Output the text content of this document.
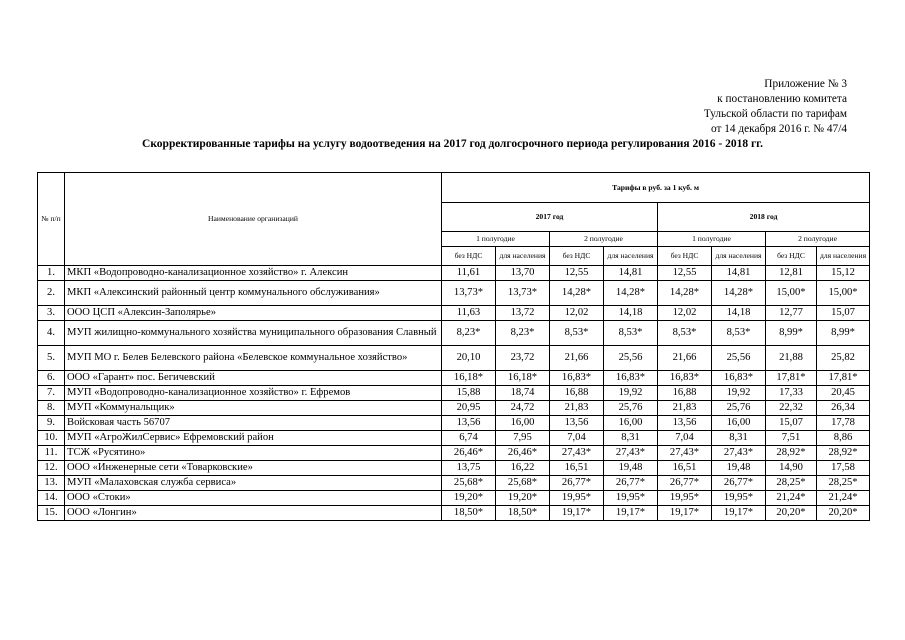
Приложение № 3
к постановлению комитета
Тульской области по тарифам
от 14 декабря 2016 г. № 47/4
Скорректированные тарифы на услугу водоотведения на 2017 год долгосрочного периода регулирования 2016 - 2018 гг.
№ п/п	Наименование организаций	Тарифы в руб. за 1 куб. м							
		2017 год				2018 год			
		1 полугодие		2 полугодие		1 полугодие		2 полугодие	
		без НДС	для населения	без НДС	для населения	без НДС	для населения	без НДС	для населения
1.	МКП «Водопроводно-канализационное хозяйство» г. Алексин	11,61	13,70	12,55	14,81	12,55	14,81	12,81	15,12
2.	МКП «Алексинский районный центр коммунального обслуживания»	13,73*	13,73*	14,28*	14,28*	14,28*	14,28*	15,00*	15,00*
3.	ООО ЦСП «Алексин-Заполярье»	11,63	13,72	12,02	14,18	12,02	14,18	12,77	15,07
4.	МУП жилищно-коммунального хозяйства муниципального образования Славный	8,23*	8,23*	8,53*	8,53*	8,53*	8,53*	8,99*	8,99*
5.	МУП МО г. Белев Белевского района «Белевское коммунальное хозяйство»	20,10	23,72	21,66	25,56	21,66	25,56	21,88	25,82
6.	ООО «Гарант» пос. Бегичевский	16,18*	16,18*	16,83*	16,83*	16,83*	16,83*	17,81*	17,81*
7.	МУП «Водопроводно-канализационное хозяйство» г. Ефремов	15,88	18,74	16,88	19,92	16,88	19,92	17,33	20,45
8.	МУП «Коммунальщик»	20,95	24,72	21,83	25,76	21,83	25,76	22,32	26,34
9.	Войсковая часть 56707	13,56	16,00	13,56	16,00	13,56	16,00	15,07	17,78
10.	МУП «АгроЖилСервис» Ефремовский район	6,74	7,95	7,04	8,31	7,04	8,31	7,51	8,86
11.	ТСЖ «Русятино»	26,46*	26,46*	27,43*	27,43*	27,43*	27,43*	28,92*	28,92*
12.	ООО «Инженерные сети «Товарковские»	13,75	16,22	16,51	19,48	16,51	19,48	14,90	17,58
13.	МУП «Малаховская служба сервиса»	25,68*	25,68*	26,77*	26,77*	26,77*	26,77*	28,25*	28,25*
14.	ООО «Стоки»	19,20*	19,20*	19,95*	19,95*	19,95*	19,95*	21,24*	21,24*
15.	ООО «Лонгин»	18,50*	18,50*	19,17*	19,17*	19,17*	19,17*	20,20*	20,20*
